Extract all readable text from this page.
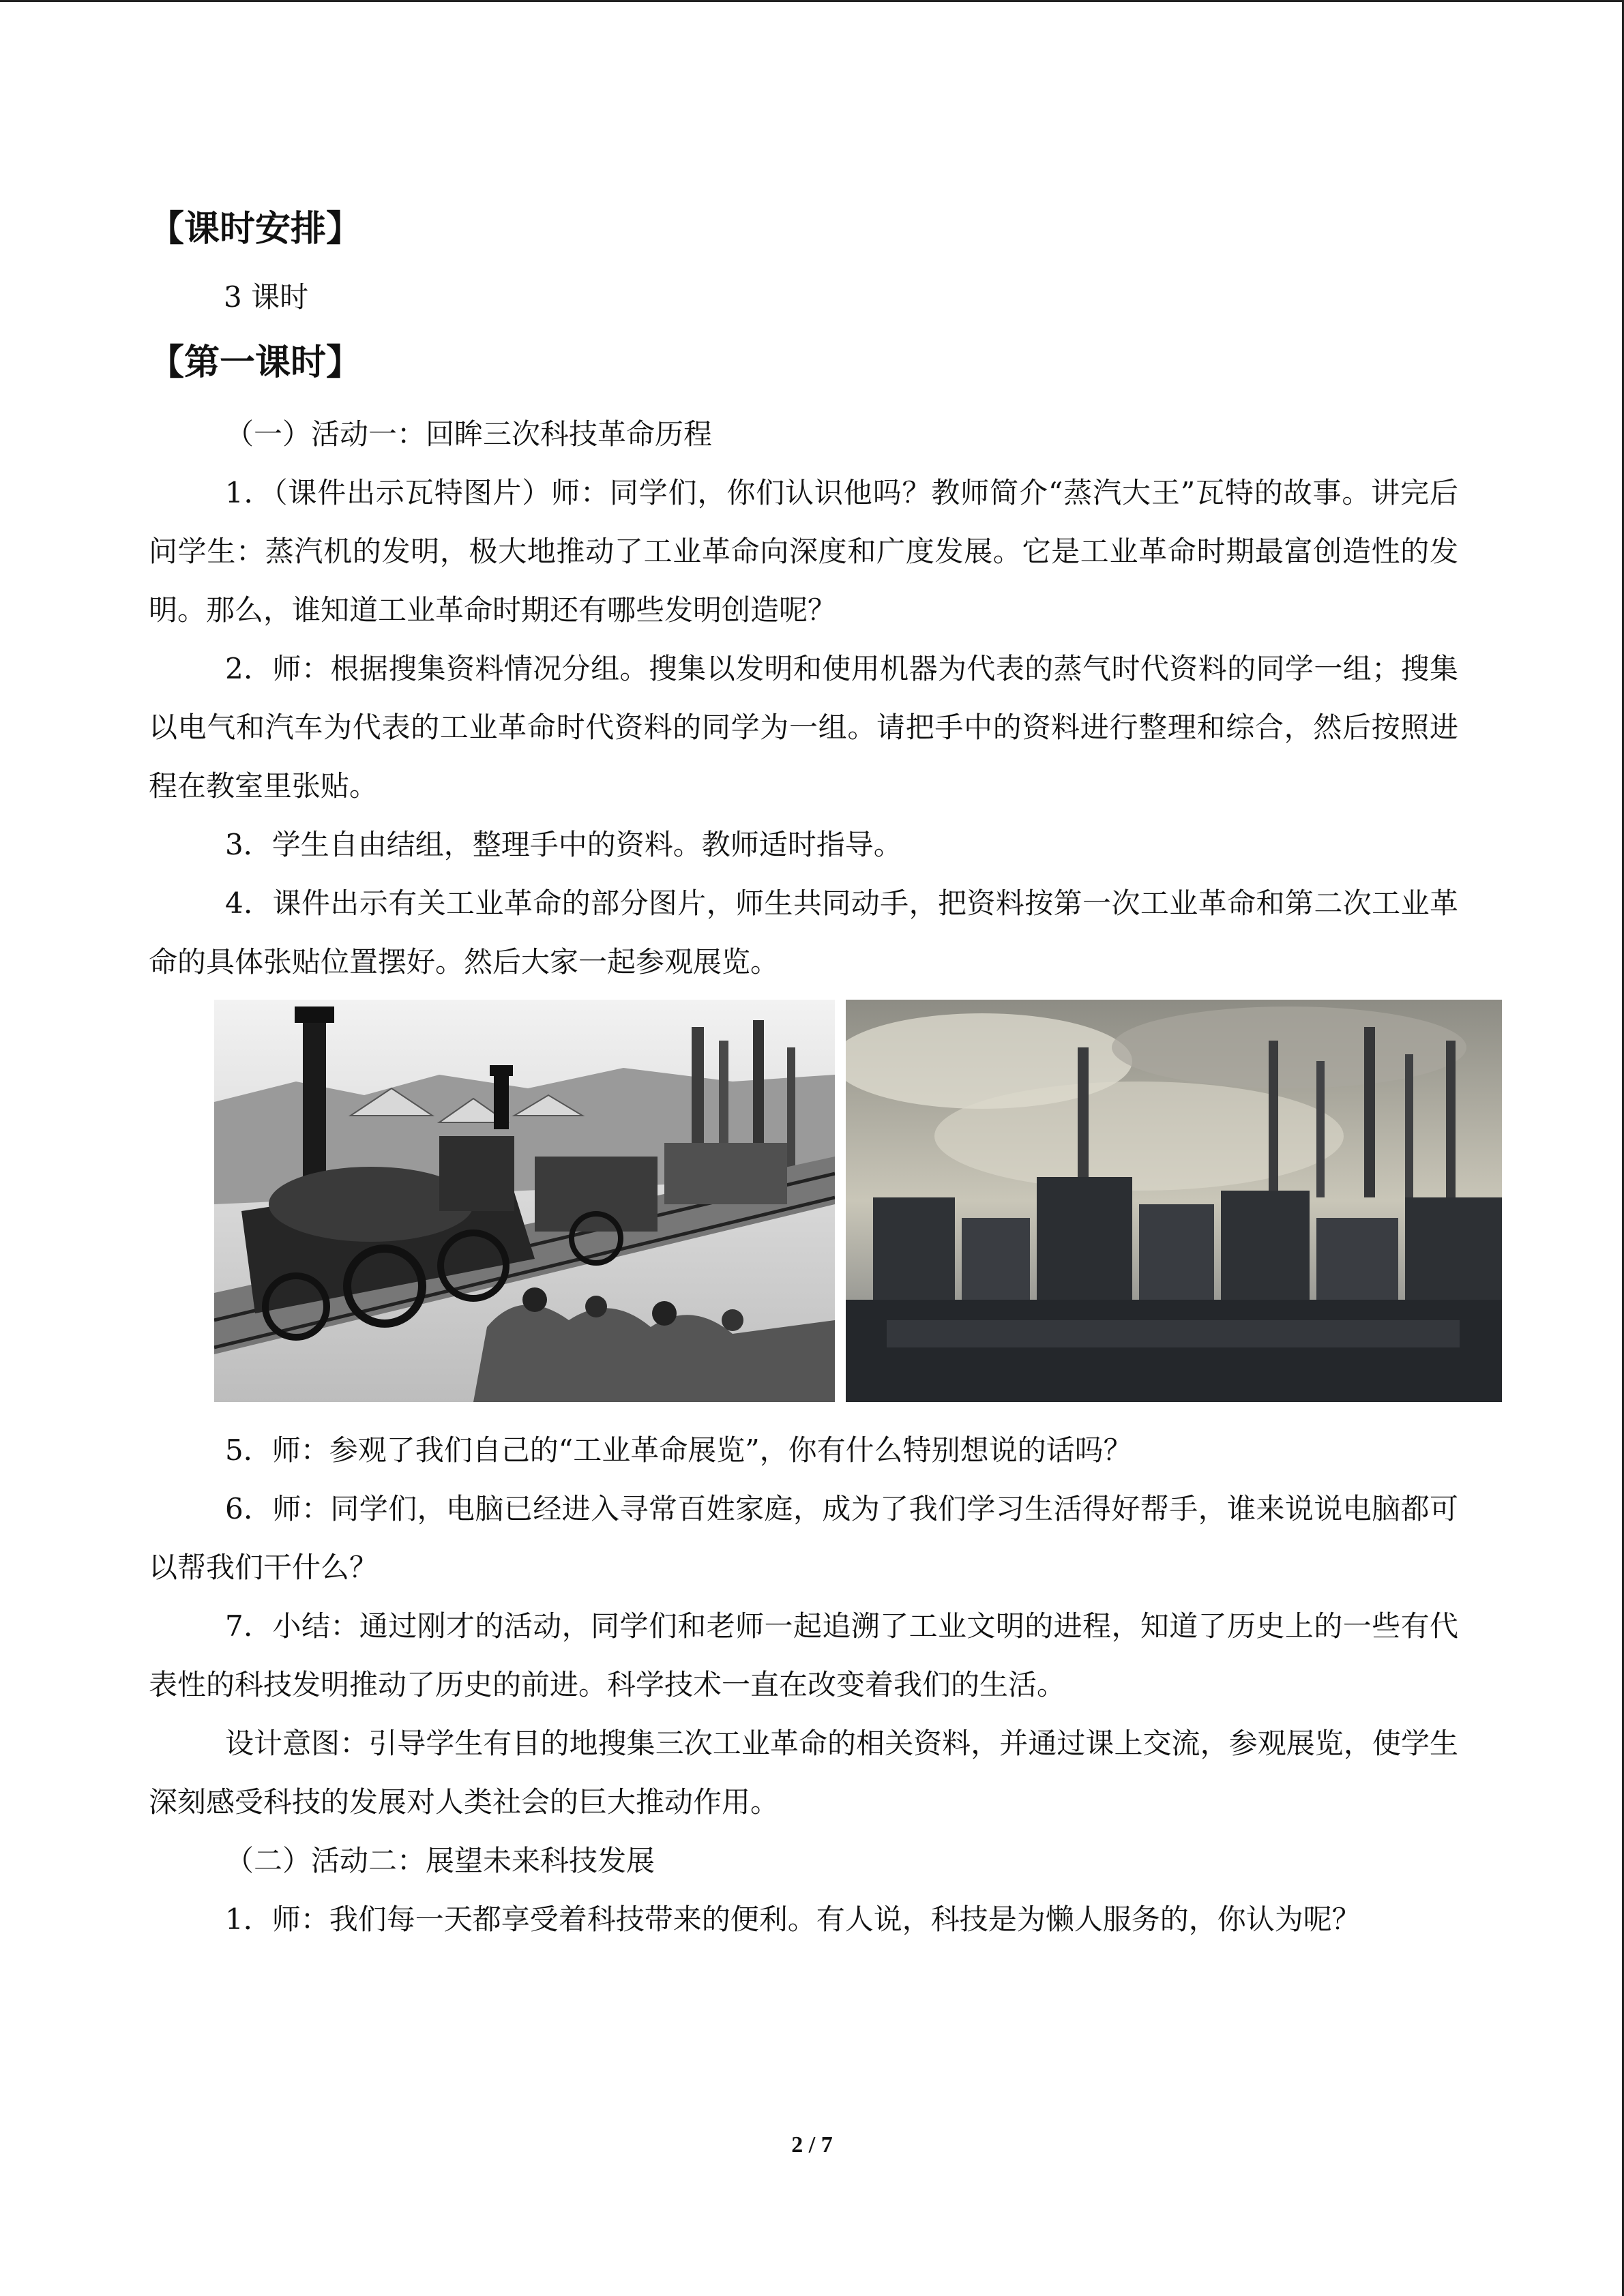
【课时安排】

3 课时

【第一课时】

（一）活动一：回眸三次科技革命历程

1．（课件出示瓦特图片）师：同学们，你们认识他吗？教师简介“蒸汽大王”瓦特的故事。讲完后问学生：蒸汽机的发明，极大地推动了工业革命向深度和广度发展。它是工业革命时期最富创造性的发明。那么，谁知道工业革命时期还有哪些发明创造呢？

2．师：根据搜集资料情况分组。搜集以发明和使用机器为代表的蒸气时代资料的同学一组；搜集以电气和汽车为代表的工业革命时代资料的同学为一组。请把手中的资料进行整理和综合，然后按照进程在教室里张贴。

3．学生自由结组，整理手中的资料。教师适时指导。

4．课件出示有关工业革命的部分图片，师生共同动手，把资料按第一次工业革命和第二次工业革命的具体张贴位置摆好。然后大家一起参观展览。

5．师：参观了我们自己的“工业革命展览”，你有什么特别想说的话吗？

6．师：同学们，电脑已经进入寻常百姓家庭，成为了我们学习生活得好帮手，谁来说说电脑都可以帮我们干什么？

7．小结：通过刚才的活动，同学们和老师一起追溯了工业文明的进程，知道了历史上的一些有代表性的科技发明推动了历史的前进。科学技术一直在改变着我们的生活。

设计意图：引导学生有目的地搜集三次工业革命的相关资料，并通过课上交流，参观展览，使学生深刻感受科技的发展对人类社会的巨大推动作用。

（二）活动二：展望未来科技发展

1．师：我们每一天都享受着科技带来的便利。有人说，科技是为懒人服务的，你认为呢？

2 / 7
